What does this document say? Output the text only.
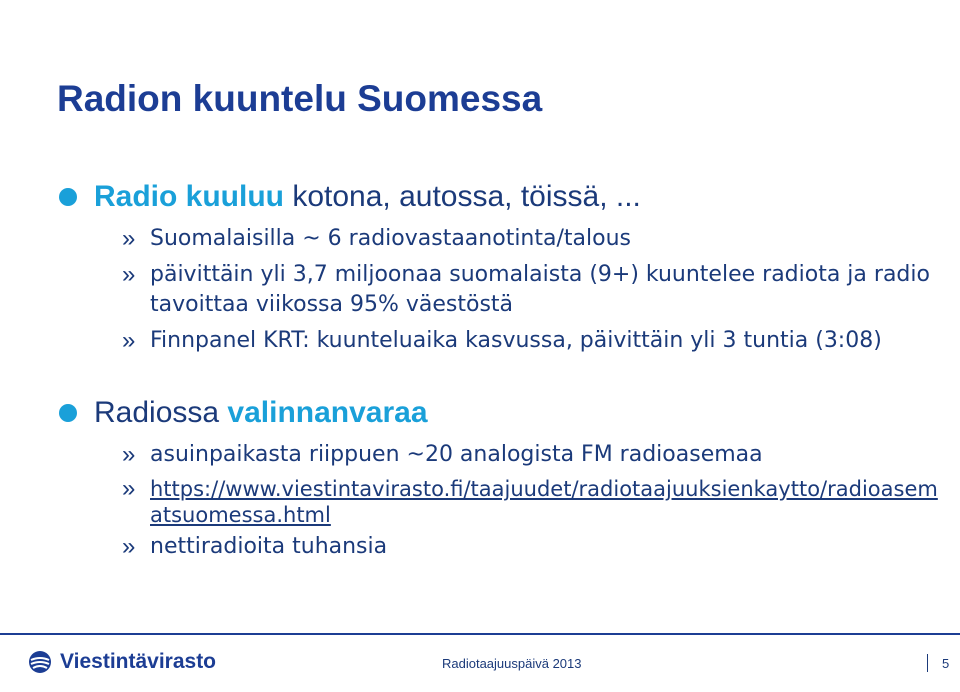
Radion kuuntelu Suomessa
Radio kuuluu kotona, autossa, töissä, ...
» Suomalaisilla ~ 6 radiovastaanotinta/talous
» päivittäin yli 3,7 miljoonaa suomalaista (9+) kuuntelee radiota ja radio tavoittaa viikossa 95% väestöstä
» Finnpanel KRT: kuunteluaika kasvussa, päivittäin yli 3 tuntia (3:08)
Radiossa valinnanvaraa
» asuinpaikasta riippuen ~20 analogista FM radioasemaa
» https://www.viestintavirasto.fi/taajuudet/radiotaajuuksienkaytto/radioasematsuomessa.html
» nettiradioita tuhansia
Viestintävirasto	Radiotaajuuspäivä 2013	5
